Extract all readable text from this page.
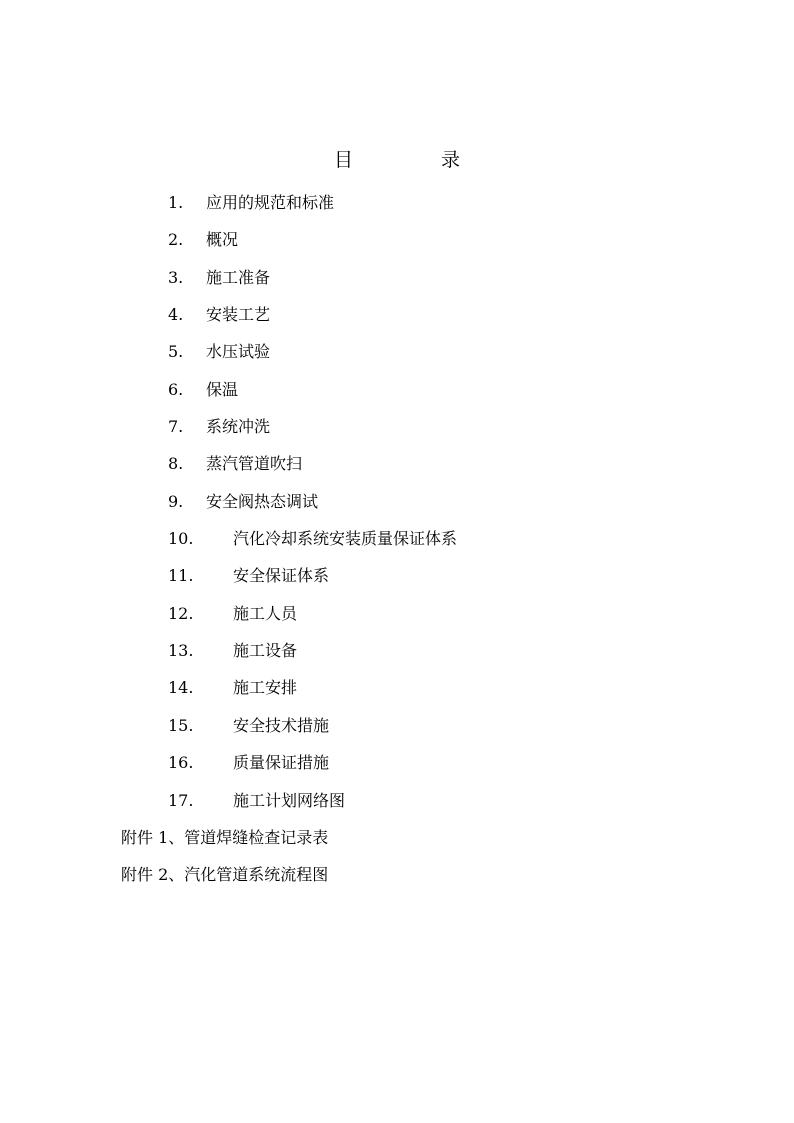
目	录
1. 应用的规范和标准
2. 概况
3. 施工准备
4. 安装工艺
5. 水压试验
6. 保温
7. 系统冲洗
8. 蒸汽管道吹扫
9. 安全阀热态调试
10. 汽化冷却系统安装质量保证体系
11. 安全保证体系
12. 施工人员
13. 施工设备
14. 施工安排
15. 安全技术措施
16. 质量保证措施
17. 施工计划网络图
附件 1、管道焊缝检查记录表
附件 2、汽化管道系统流程图
